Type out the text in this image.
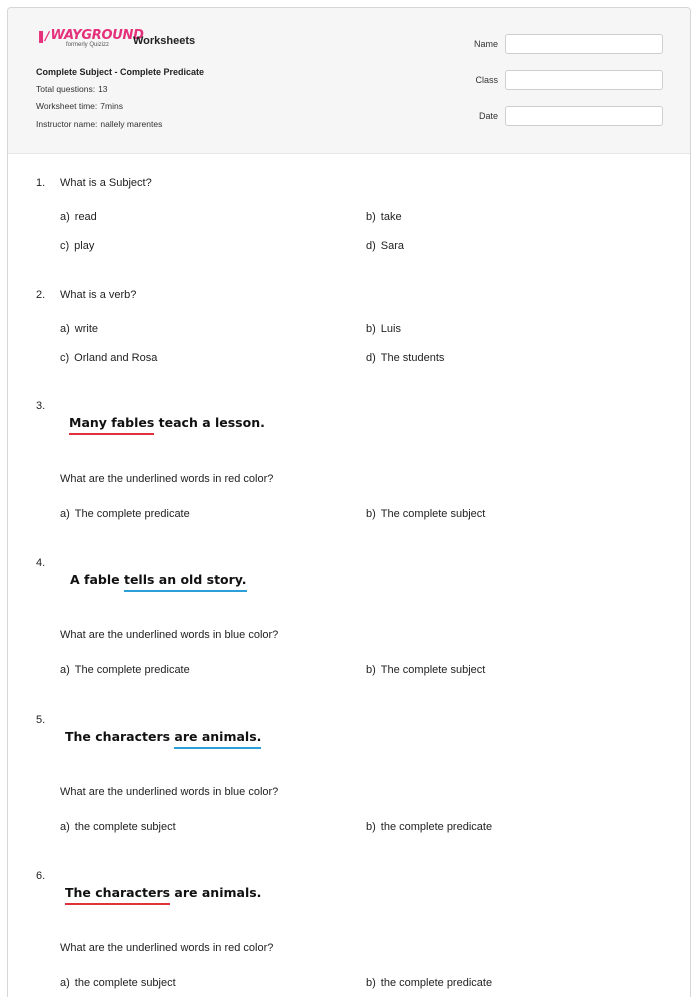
❚∕ WAYGROUND
formerly Quizizz	Worksheets
Complete Subject - Complete Predicate
Total questions: 13
Worksheet time: 7mins
Instructor name: nallely marentes
Name
Class
Date
1. What is a Subject?
a) read	b) take
c) play	d) Sara
2. What is a verb?
a) write	b) Luis
c) Orland and Rosa	d) The students
3.
Many fables teach a lesson.
What are the underlined words in red color?
a) The complete predicate	b) The complete subject
4.
A fable tells an old story.
What are the underlined words in blue color?
a) The complete predicate	b) The complete subject
5.
The characters are animals.
What are the underlined words in blue color?
a) the complete subject	b) the complete predicate
6.
The characters are animals.
What are the underlined words in red color?
a) the complete subject	b) the complete predicate
